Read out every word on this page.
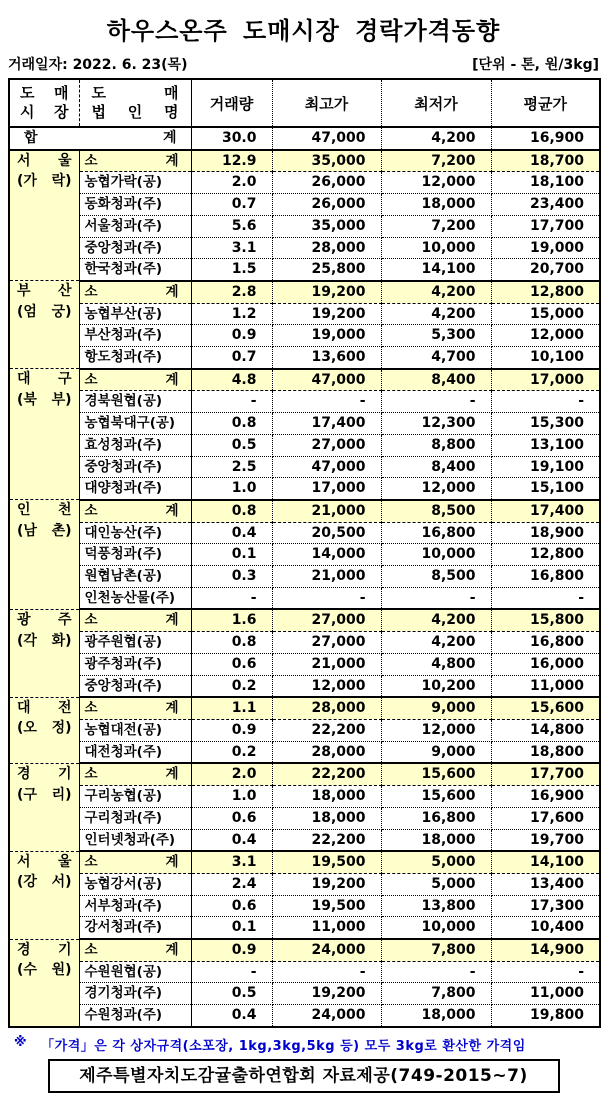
하우스온주 도매시장 경락가격동향
거래일자: 2022. 6. 23(목)	[단위 - 톤, 원/3kg]
도 매
시 장

도	매
법 인 명	거래량	최고가	최저가	평균가

합 계		30.0	47,000	4,200	16,900

서 울
(가 락)

소	계	12.9	35,000	7,200	18,700
	농협가락(공)	2.0	26,000	12,000	18,100
	동화청과(주)	0.7	26,000	18,000	23,400
	서울청과(주)	5.6	35,000	7,200	17,700
	중앙청과(주)	3.1	28,000	10,000	19,000
	한국청과(주)	1.5	25,800	14,100	20,700

부 산
(엄 궁)

소	계	2.8	19,200	4,200	12,800
	농협부산(공)	1.2	19,200	4,200	15,000
	부산청과(주)	0.9	19,000	5,300	12,000
	항도청과(주)	0.7	13,600	4,700	10,100

대 구
(북 부)

소	계	4.8	47,000	8,400	17,000
	경북원협(공)	-	-	-	-
	농협북대구(공)	0.8	17,400	12,300	15,300
	효성청과(주)	0.5	27,000	8,800	13,100
	중앙청과(주)	2.5	47,000	8,400	19,100
	대양청과(주)	1.0	17,000	12,000	15,100

인 천
(남 촌)

소	계	0.8	21,000	8,500	17,400
	대인농산(주)	0.4	20,500	16,800	18,900
	덕풍청과(주)	0.1	14,000	10,000	12,800
	원협남촌(공)	0.3	21,000	8,500	16,800
	인천농산물(주)	-	-	-	-

광 주
(각 화)

소	계	1.6	27,000	4,200	15,800
	광주원협(공)	0.8	27,000	4,200	16,800
	광주청과(주)	0.6	21,000	4,800	16,000
	중앙청과(주)	0.2	12,000	10,200	11,000

대 전
(오 정)

소	계	1.1	28,000	9,000	15,600
	농협대전(공)	0.9	22,200	12,000	14,800
	대전청과(주)	0.2	28,000	9,000	18,800

경 기
(구 리)

소	계	2.0	22,200	15,600	17,700
	구리농협(공)	1.0	18,000	15,600	16,900
	구리청과(주)	0.6	18,000	16,800	17,600
	인터넷청과(주)	0.4	22,200	18,000	19,700

서 울
(강 서)

소	계	3.1	19,500	5,000	14,100
	농협강서(공)	2.4	19,200	5,000	13,400
	서부청과(주)	0.6	19,500	13,800	17,300
	강서청과(주)	0.1	11,000	10,000	10,400

경 기
(수 원)

소	계	0.9	24,000	7,800	14,900
	수원원협(공)	-	-	-	-
	경기청과(주)	0.5	19,200	7,800	11,000
	수원청과(주)	0.4	24,000	18,000	19,800
※ 「가격」은 각 상자규격(소포장, 1kg,3kg,5kg 등) 모두 3kg로 환산한 가격임
제주특별자치도감귤출하연합회 자료제공(749-2015~7)
